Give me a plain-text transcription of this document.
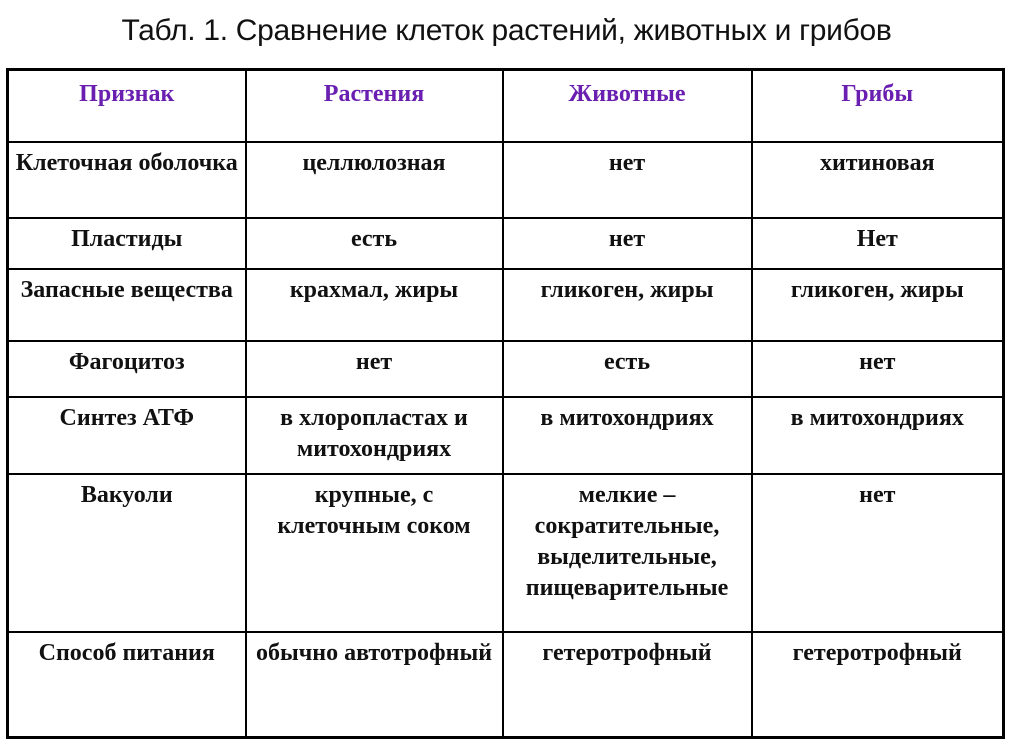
Табл. 1. Сравнение клеток растений, животных и грибов
Признак	Растения	Животные	Грибы
Клеточная оболочка	целлюлозная	нет	хитиновая
Пластиды	есть	нет	Нет
Запасные вещества	крахмал, жиры	гликоген, жиры	гликоген, жиры
Фагоцитоз	нет	есть	нет
Синтез АТФ	в хлоропластах и митохондриях	в митохондриях	в митохондриях
Вакуоли	крупные, с клеточным соком	мелкие – сократительные, выделительные, пищеварительные	нет
Способ питания	обычно автотрофный	гетеротрофный	гетеротрофный
